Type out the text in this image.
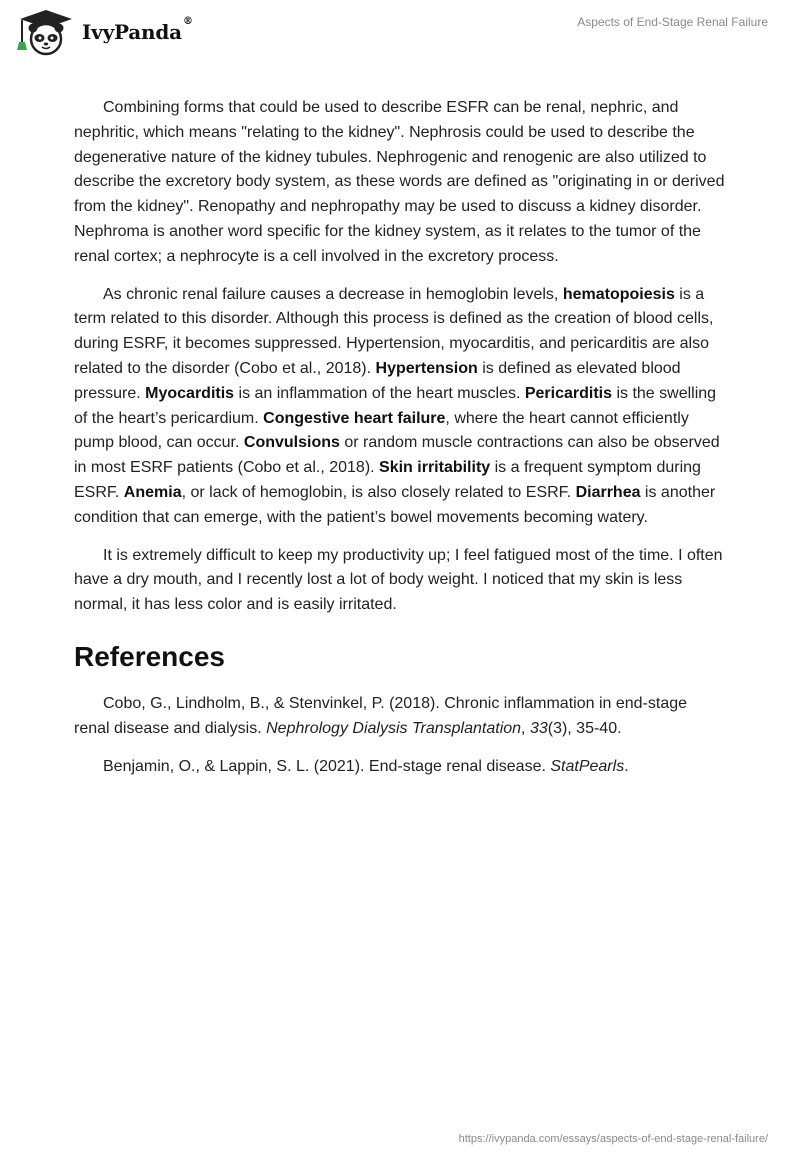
IvyPanda®	Aspects of End-Stage Renal Failure

Combining forms that could be used to describe ESFR can be renal, nephric, and nephritic, which means "relating to the kidney". Nephrosis could be used to describe the degenerative nature of the kidney tubules. Nephrogenic and renogenic are also utilized to describe the excretory body system, as these words are defined as "originating in or derived from the kidney". Renopathy and nephropathy may be used to discuss a kidney disorder. Nephroma is another word specific for the kidney system, as it relates to the tumor of the renal cortex; a nephrocyte is a cell involved in the excretory process.

As chronic renal failure causes a decrease in hemoglobin levels, hematopoiesis is a term related to this disorder. Although this process is defined as the creation of blood cells, during ESRF, it becomes suppressed. Hypertension, myocarditis, and pericarditis are also related to the disorder (Cobo et al., 2018). Hypertension is defined as elevated blood pressure. Myocarditis is an inflammation of the heart muscles. Pericarditis is the swelling of the heart’s pericardium. Congestive heart failure, where the heart cannot efficiently pump blood, can occur. Convulsions or random muscle contractions can also be observed in most ESRF patients (Cobo et al., 2018). Skin irritability is a frequent symptom during ESRF. Anemia, or lack of hemoglobin, is also closely related to ESRF. Diarrhea is another condition that can emerge, with the patient’s bowel movements becoming watery.

It is extremely difficult to keep my productivity up; I feel fatigued most of the time. I often have a dry mouth, and I recently lost a lot of body weight. I noticed that my skin is less normal, it has less color and is easily irritated.

References

Cobo, G., Lindholm, B., & Stenvinkel, P. (2018). Chronic inflammation in end-stage renal disease and dialysis. Nephrology Dialysis Transplantation, 33(3), 35-40.

Benjamin, O., & Lappin, S. L. (2021). End-stage renal disease. StatPearls.

https://ivypanda.com/essays/aspects-of-end-stage-renal-failure/
